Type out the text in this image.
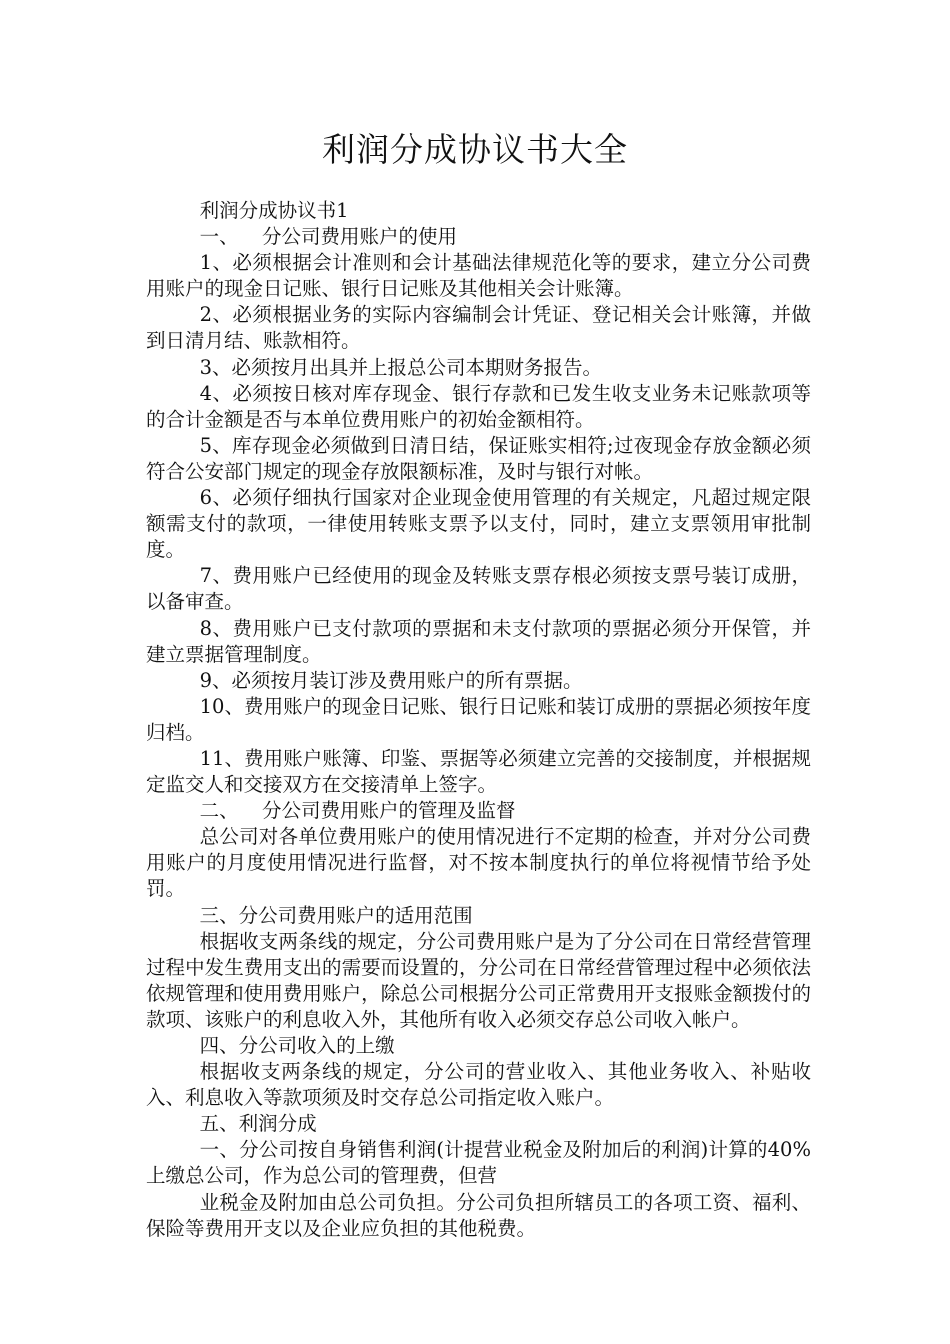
利润分成协议书大全

利润分成协议书1

一、 分公司费用账户的使用

1、必须根据会计准则和会计基础法律规范化等的要求，建立分公司费用账户的现金日记账、银行日记账及其他相关会计账簿。

2、必须根据业务的实际内容编制会计凭证、登记相关会计账簿，并做到日清月结、账款相符。

3、必须按月出具并上报总公司本期财务报告。

4、必须按日核对库存现金、银行存款和已发生收支业务未记账款项等的合计金额是否与本单位费用账户的初始金额相符。

5、库存现金必须做到日清日结，保证账实相符;过夜现金存放金额必须符合公安部门规定的现金存放限额标准，及时与银行对帐。

6、必须仔细执行国家对企业现金使用管理的有关规定，凡超过规定限额需支付的款项，一律使用转账支票予以支付，同时，建立支票领用审批制度。

7、费用账户已经使用的现金及转账支票存根必须按支票号装订成册，以备审查。

8、费用账户已支付款项的票据和未支付款项的票据必须分开保管，并建立票据管理制度。

9、必须按月装订涉及费用账户的所有票据。

10、费用账户的现金日记账、银行日记账和装订成册的票据必须按年度归档。

11、费用账户账簿、印鉴、票据等必须建立完善的交接制度，并根据规定监交人和交接双方在交接清单上签字。

二、 分公司费用账户的管理及监督

总公司对各单位费用账户的使用情况进行不定期的检查，并对分公司费用账户的月度使用情况进行监督，对不按本制度执行的单位将视情节给予处罚。

三、分公司费用账户的适用范围

根据收支两条线的规定，分公司费用账户是为了分公司在日常经营管理过程中发生费用支出的需要而设置的，分公司在日常经营管理过程中必须依法依规管理和使用费用账户，除总公司根据分公司正常费用开支报账金额拨付的款项、该账户的利息收入外，其他所有收入必须交存总公司收入帐户。

四、分公司收入的上缴

根据收支两条线的规定，分公司的营业收入、其他业务收入、补贴收入、利息收入等款项须及时交存总公司指定收入账户。

五、利润分成

一、分公司按自身销售利润(计提营业税金及附加后的利润)计算的40%上缴总公司，作为总公司的管理费，但营

业税金及附加由总公司负担。分公司负担所辖员工的各项工资、福利、保险等费用开支以及企业应负担的其他税费。
